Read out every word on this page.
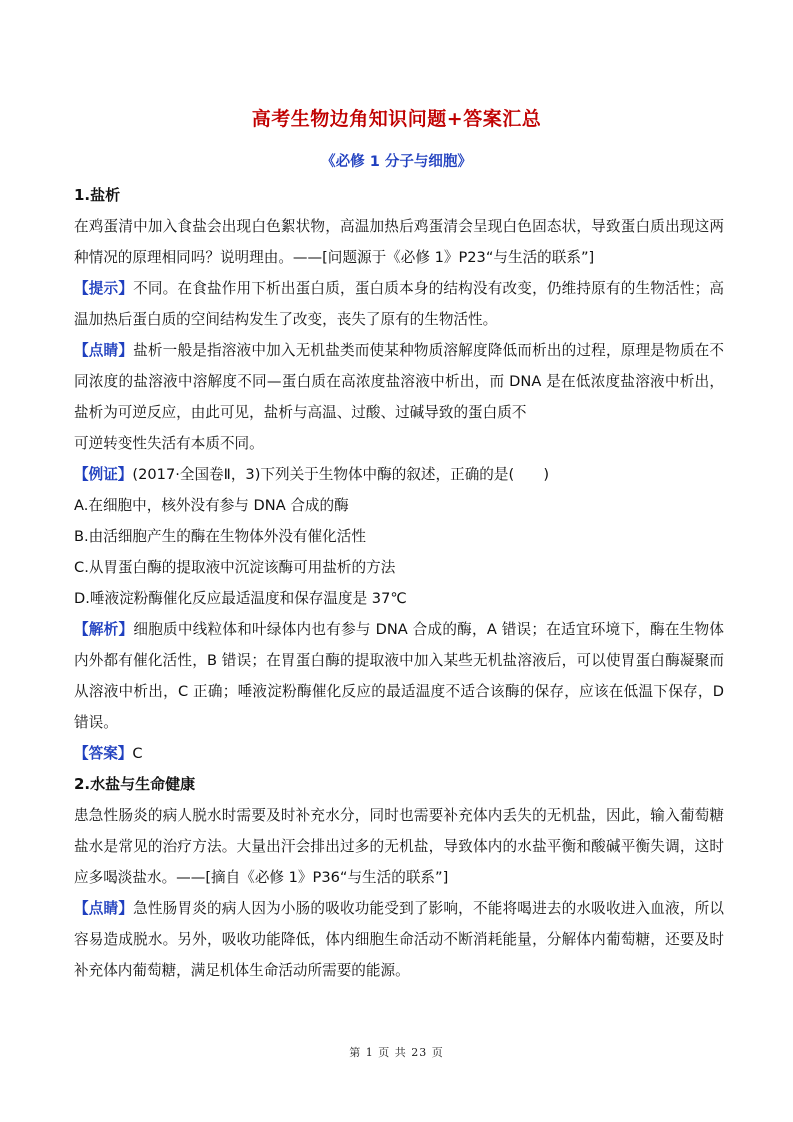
高考生物边角知识问题+答案汇总
《必修 1 分子与细胞》

1.盐析

在鸡蛋清中加入食盐会出现白色絮状物，高温加热后鸡蛋清会呈现白色固态状，导致蛋白质出现这两种情况的原理相同吗？说明理由。——[问题源于《必修 1》P23“与生活的联系”]

【提示】不同。在食盐作用下析出蛋白质，蛋白质本身的结构没有改变，仍维持原有的生物活性；高温加热后蛋白质的空间结构发生了改变，丧失了原有的生物活性。

【点睛】盐析一般是指溶液中加入无机盐类而使某种物质溶解度降低而析出的过程，原理是物质在不同浓度的盐溶液中溶解度不同—蛋白质在高浓度盐溶液中析出，而 DNA 是在低浓度盐溶液中析出，盐析为可逆反应，由此可见，盐析与高温、过酸、过碱导致的蛋白质不

可逆转变性失活有本质不同。

【例证】(2017·全国卷Ⅱ，3)下列关于生物体中酶的叙述，正确的是(　　)

A.在细胞中，核外没有参与 DNA 合成的酶

B.由活细胞产生的酶在生物体外没有催化活性

C.从胃蛋白酶的提取液中沉淀该酶可用盐析的方法

D.唾液淀粉酶催化反应最适温度和保存温度是 37℃

【解析】细胞质中线粒体和叶绿体内也有参与 DNA 合成的酶，A 错误；在适宜环境下，酶在生物体内外都有催化活性，B 错误；在胃蛋白酶的提取液中加入某些无机盐溶液后，可以使胃蛋白酶凝聚而从溶液中析出，C 正确；唾液淀粉酶催化反应的最适温度不适合该酶的保存，应该在低温下保存，D 错误。

【答案】C

2.水盐与生命健康

患急性肠炎的病人脱水时需要及时补充水分，同时也需要补充体内丢失的无机盐，因此，输入葡萄糖盐水是常见的治疗方法。大量出汗会排出过多的无机盐，导致体内的水盐平衡和酸碱平衡失调，这时应多喝淡盐水。——[摘自《必修 1》P36“与生活的联系”]

【点睛】急性肠胃炎的病人因为小肠的吸收功能受到了影响，不能将喝进去的水吸收进入血液，所以容易造成脱水。另外，吸收功能降低，体内细胞生命活动不断消耗能量，分解体内葡萄糖，还要及时补充体内葡萄糖，满足机体生命活动所需要的能源。

第 1 页 共 23 页
